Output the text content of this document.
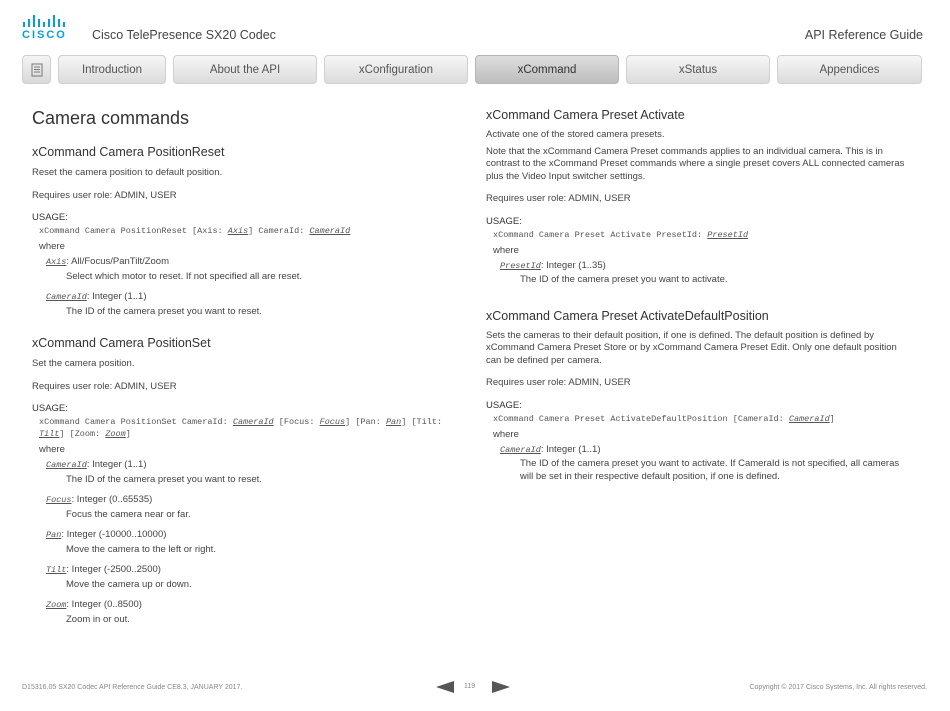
CISCO Cisco TelePresence SX20 Codec	API Reference Guide
Introduction	About the API	xConfiguration	xCommand	xStatus	Appendices
Camera commands
xCommand Camera PositionReset

Reset the camera position to default position.

Requires user role: ADMIN, USER

USAGE:
xCommand Camera PositionReset [Axis: Axis] CameraId: CameraId
where
Axis: All/Focus/PanTilt/Zoom
Select which motor to reset. If not specified all are reset.
CameraId: Integer (1..1)
The ID of the camera preset you want to reset.
xCommand Camera PositionSet

Set the camera position.

Requires user role: ADMIN, USER

USAGE:
xCommand Camera PositionSet CameraId: CameraId [Focus: Focus] [Pan: Pan] [Tilt: Tilt] [Zoom: Zoom]
where
CameraId: Integer (1..1)
The ID of the camera preset you want to reset.
Focus: Integer (0..65535)
Focus the camera near or far.
Pan: Integer (-10000..10000)
Move the camera to the left or right.
Tilt: Integer (-2500..2500)
Move the camera up or down.
Zoom: Integer (0..8500)
Zoom in or out.
xCommand Camera Preset Activate

Activate one of the stored camera presets.

Note that the xCommand Camera Preset commands applies to an individual camera. This is in contrast to the xCommand Preset commands where a single preset covers ALL connected cameras plus the Video Input switcher settings.

Requires user role: ADMIN, USER

USAGE:
xCommand Camera Preset Activate PresetId: PresetId
where
PresetId: Integer (1..35)
The ID of the camera preset you want to activate.
xCommand Camera Preset ActivateDefaultPosition

Sets the cameras to their default position, if one is defined. The default position is defined by xCommand Camera Preset Store or by xCommand Camera Preset Edit. Only one default position can be defined per camera.

Requires user role: ADMIN, USER

USAGE:
xCommand Camera Preset ActivateDefaultPosition [CameraId: CameraId]
where
CameraId: Integer (1..1)
The ID of the camera preset you want to activate. If CameraId is not specified, all cameras will be set in their respective default position, if one is defined.
D15316.05 SX20 Codec API Reference Guide CE8.3, JANUARY 2017.	119	Copyright © 2017 Cisco Systems, Inc. All rights reserved.
